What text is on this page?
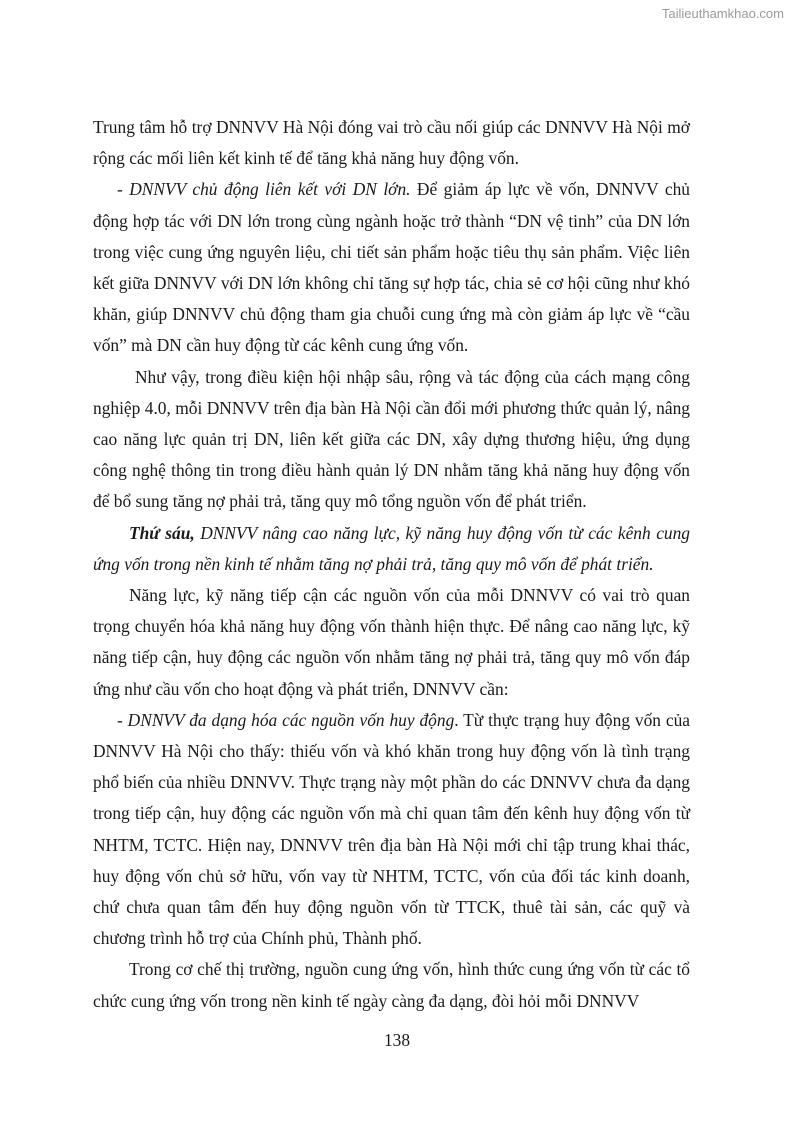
Tailieuthamkhao.com

Trung tâm hỗ trợ DNNVV Hà Nội đóng vai trò cầu nối giúp các DNNVV Hà Nội mở rộng các mối liên kết kinh tế để tăng khả năng huy động vốn.

- DNNVV chủ động liên kết với DN lớn. Để giảm áp lực về vốn, DNNVV chủ động hợp tác với DN lớn trong cùng ngành hoặc trở thành “DN vệ tinh” của DN lớn trong việc cung ứng nguyên liệu, chi tiết sản phẩm hoặc tiêu thụ sản phẩm. Việc liên kết giữa DNNVV với DN lớn không chỉ tăng sự hợp tác, chia sẻ cơ hội cũng như khó khăn, giúp DNNVV chủ động tham gia chuỗi cung ứng mà còn giảm áp lực về “cầu vốn” mà DN cần huy động từ các kênh cung ứng vốn.

Như vậy, trong điều kiện hội nhập sâu, rộng và tác động của cách mạng công nghiệp 4.0, mỗi DNNVV trên địa bàn Hà Nội cần đổi mới phương thức quản lý, nâng cao năng lực quản trị DN, liên kết giữa các DN, xây dựng thương hiệu, ứng dụng công nghệ thông tin trong điều hành quản lý DN nhằm tăng khả năng huy động vốn để bổ sung tăng nợ phải trả, tăng quy mô tổng nguồn vốn để phát triển.

Thứ sáu, DNNVV nâng cao năng lực, kỹ năng huy động vốn từ các kênh cung ứng vốn trong nền kinh tế nhằm tăng nợ phải trả, tăng quy mô vốn để phát triển.

Năng lực, kỹ năng tiếp cận các nguồn vốn của mỗi DNNVV có vai trò quan trọng chuyển hóa khả năng huy động vốn thành hiện thực. Để nâng cao năng lực, kỹ năng tiếp cận, huy động các nguồn vốn nhằm tăng nợ phải trả, tăng quy mô vốn đáp ứng như cầu vốn cho hoạt động và phát triển, DNNVV cần:

- DNNVV đa dạng hóa các nguồn vốn huy động. Từ thực trạng huy động vốn của DNNVV Hà Nội cho thấy: thiếu vốn và khó khăn trong huy động vốn là tình trạng phổ biến của nhiều DNNVV. Thực trạng này một phần do các DNNVV chưa đa dạng trong tiếp cận, huy động các nguồn vốn mà chỉ quan tâm đến kênh huy động vốn từ NHTM, TCTC. Hiện nay, DNNVV trên địa bàn Hà Nội mới chỉ tập trung khai thác, huy động vốn chủ sở hữu, vốn vay từ NHTM, TCTC, vốn của đối tác kinh doanh, chứ chưa quan tâm đến huy động nguồn vốn từ TTCK, thuê tài sản, các quỹ và chương trình hỗ trợ của Chính phủ, Thành phố.

Trong cơ chế thị trường, nguồn cung ứng vốn, hình thức cung ứng vốn từ các tổ chức cung ứng vốn trong nền kinh tế ngày càng đa dạng, đòi hỏi mỗi DNNVV

138
